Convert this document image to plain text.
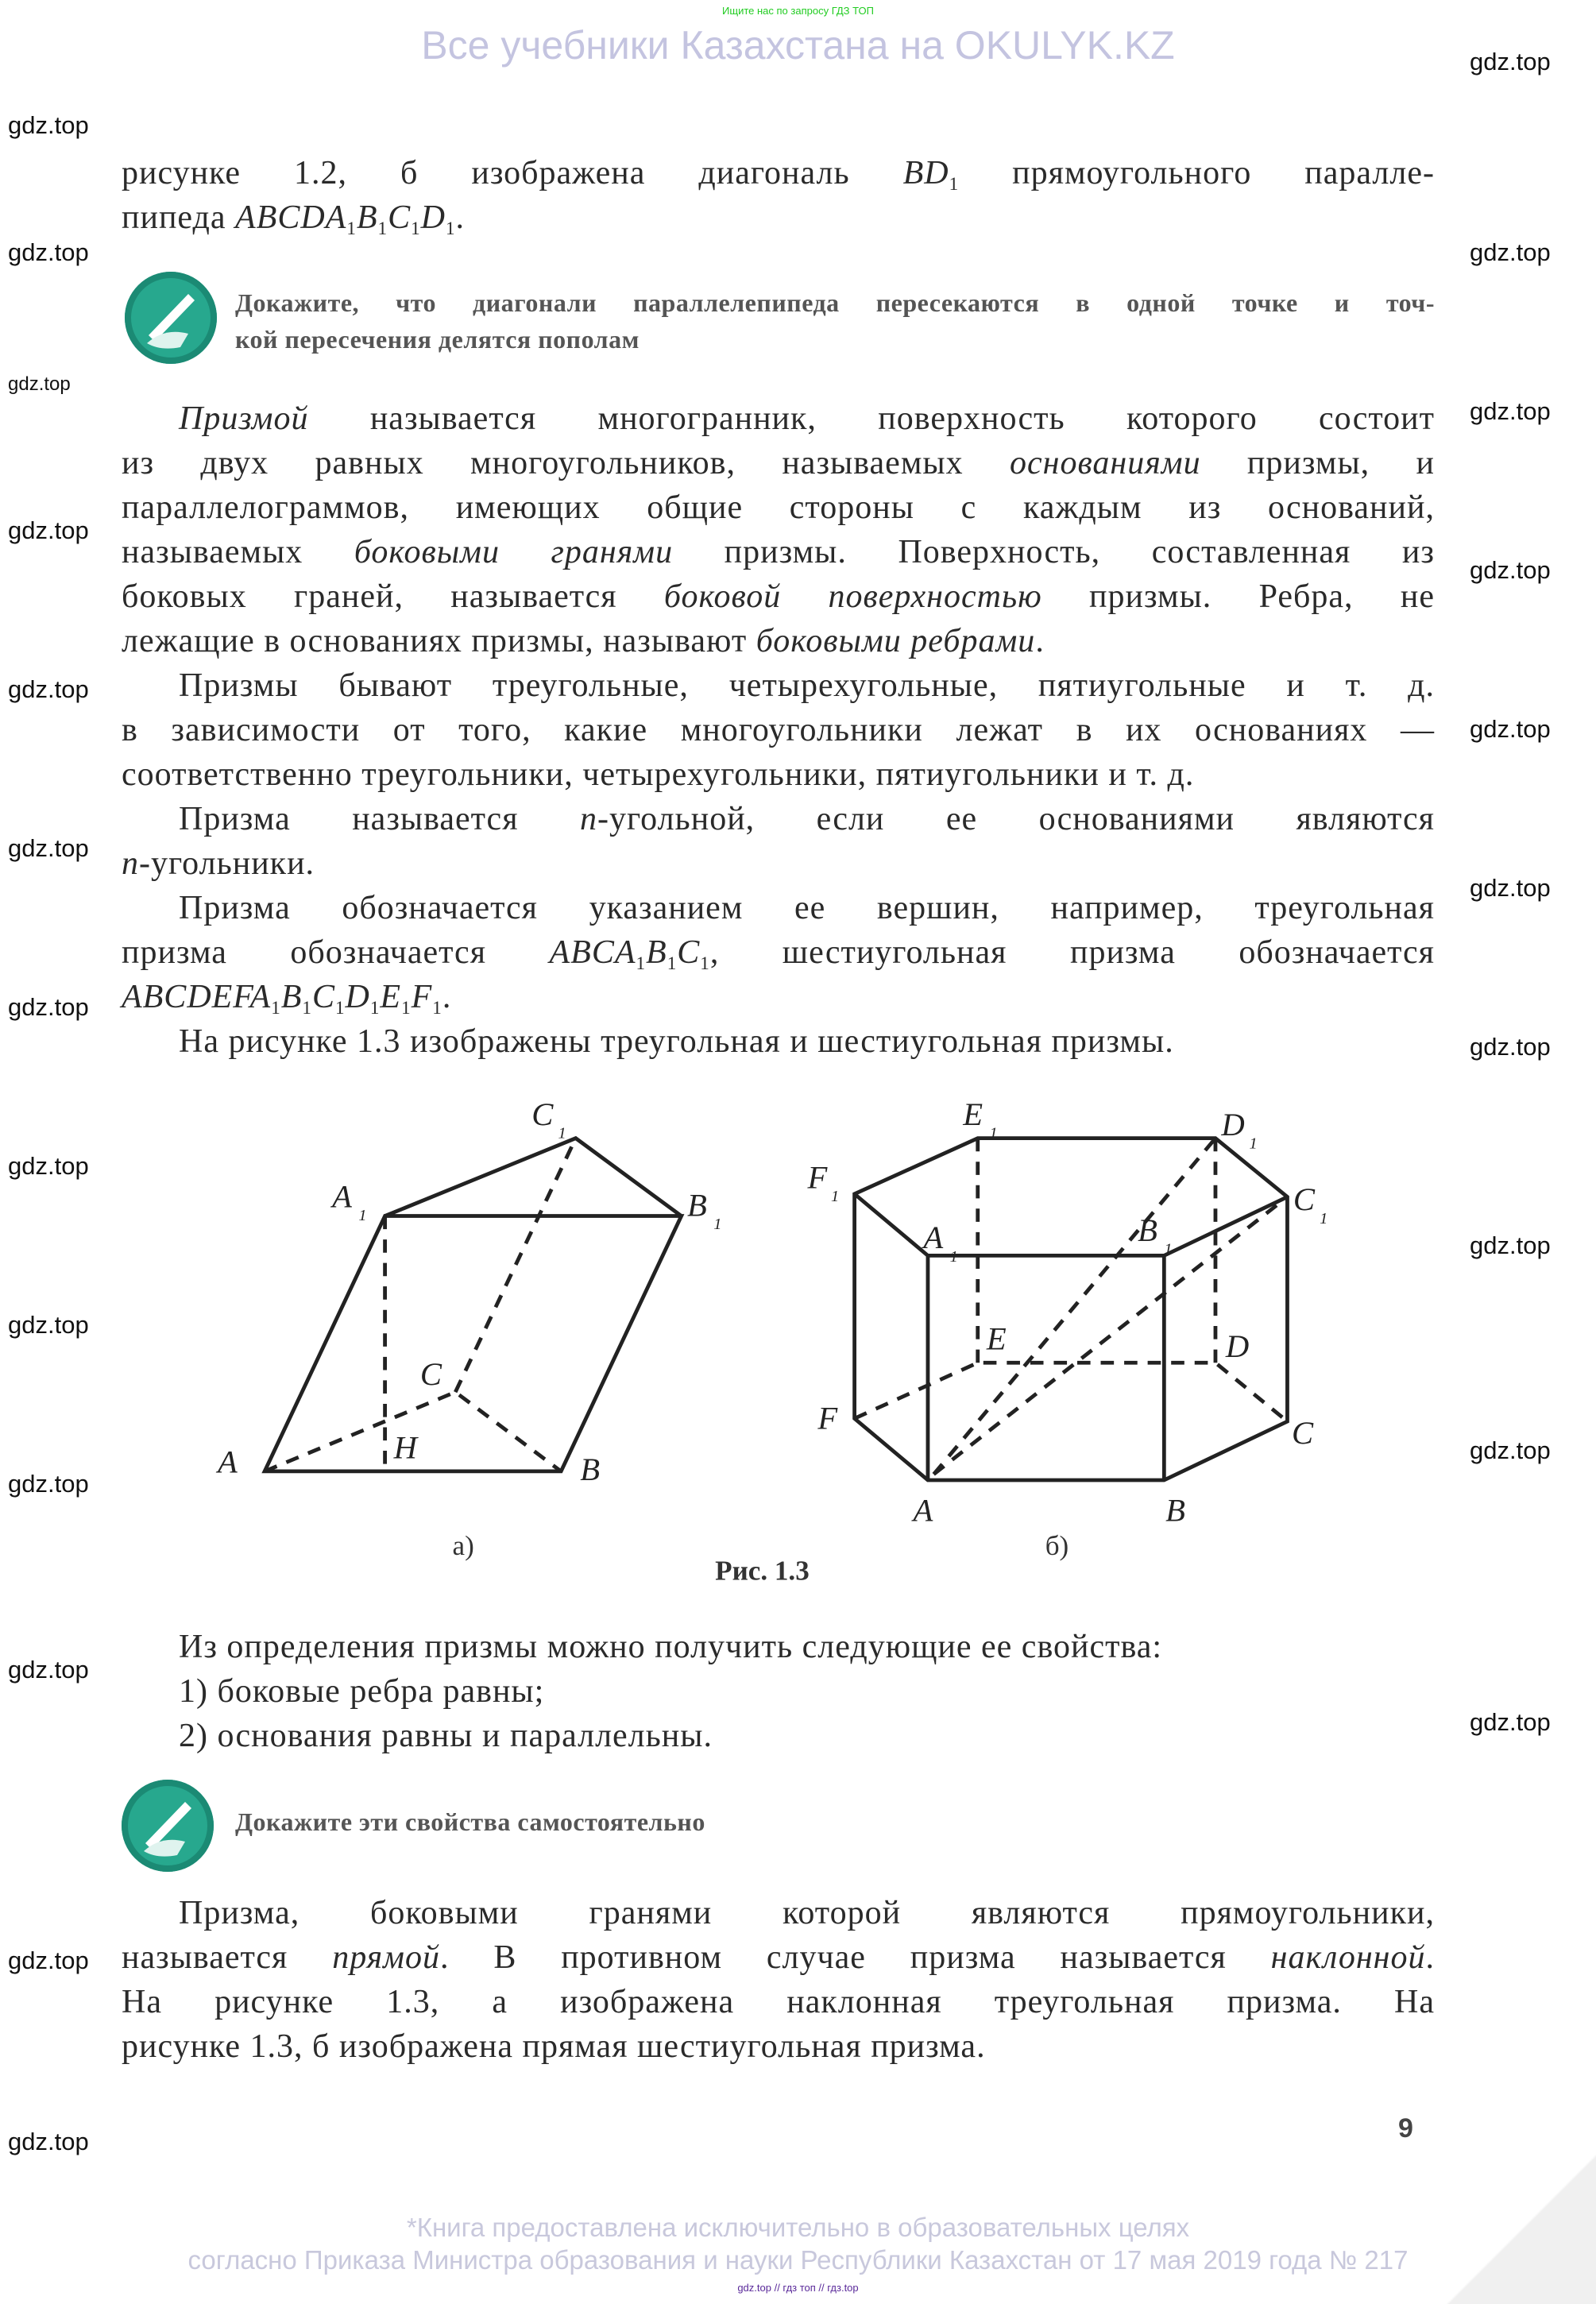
Ищите нас по запросу ГДЗ ТОП
Все учебники Казахстана на OKULYK.KZ
рисунке 1.2, б изображена диагональ BD1 прямоугольного паралле-
пипеда ABCDA1B1C1D1.
Докажите, что диагонали параллелепипеда пересекаются в одной точке и точ-
кой пересечения делятся пополам
Призмой называется многогранник, поверхность которого состоит
из двух равных многоугольников, называемых основаниями призмы, и
параллелограммов, имеющих общие стороны с каждым из оснований,
называемых боковыми гранями призмы. Поверхность, составленная из
боковых граней, называется боковой поверхностью призмы. Ребра, не
лежащие в основаниях призмы, называют боковыми ребрами.
Призмы бывают треугольные, четырехугольные, пятиугольные и т. д.
в зависимости от того, какие многоугольники лежат в их основаниях —
соответственно треугольники, четырехугольники, пятиугольники и т. д.
Призма называется n-угольной, если ее основаниями являются
n-угольники.
Призма обозначается указанием ее вершин, например, треугольная
призма обозначается ABCA1B1C1, шестиугольная призма обозначается
ABCDEFA1B1C1D1E1F1.
На рисунке 1.3 изображены треугольная и шестиугольная призмы.
A	B
C
H
A	B
C
A	B
C
D
E
F
A	B
C
D
E
F
1
1
1
1	1
1
1
1
1
а)	б)
Рис. 1.3
Из определения призмы можно получить следующие ее свойства:
1) боковые ребра равны;
2) основания равны и параллельны.
Докажите эти свойства самостоятельно
Призма, боковыми гранями которой являются прямоугольники,
называется прямой. В противном случае призма называется наклонной.
На рисунке 1.3, а изображена наклонная треугольная призма. На
рисунке 1.3, б изображена прямая шестиугольная призма.
9
*Книга предоставлена исключительно в образовательных целях
согласно Приказа Министра образования и науки Республики Казахстан от 17 мая 2019 года № 217
gdz.top // гдз топ // гдз.top
gdz.top
gdz.top
gdz.top	gdz.top
gdz.top
gdz.top
gdz.top
gdz.top
gdz.top
gdz.top
gdz.top
gdz.top
gdz.top
gdz.top
gdz.top
gdz.top
gdz.top
gdz.top
gdz.top
gdz.top
gdz.top
gdz.top
gdz.top
